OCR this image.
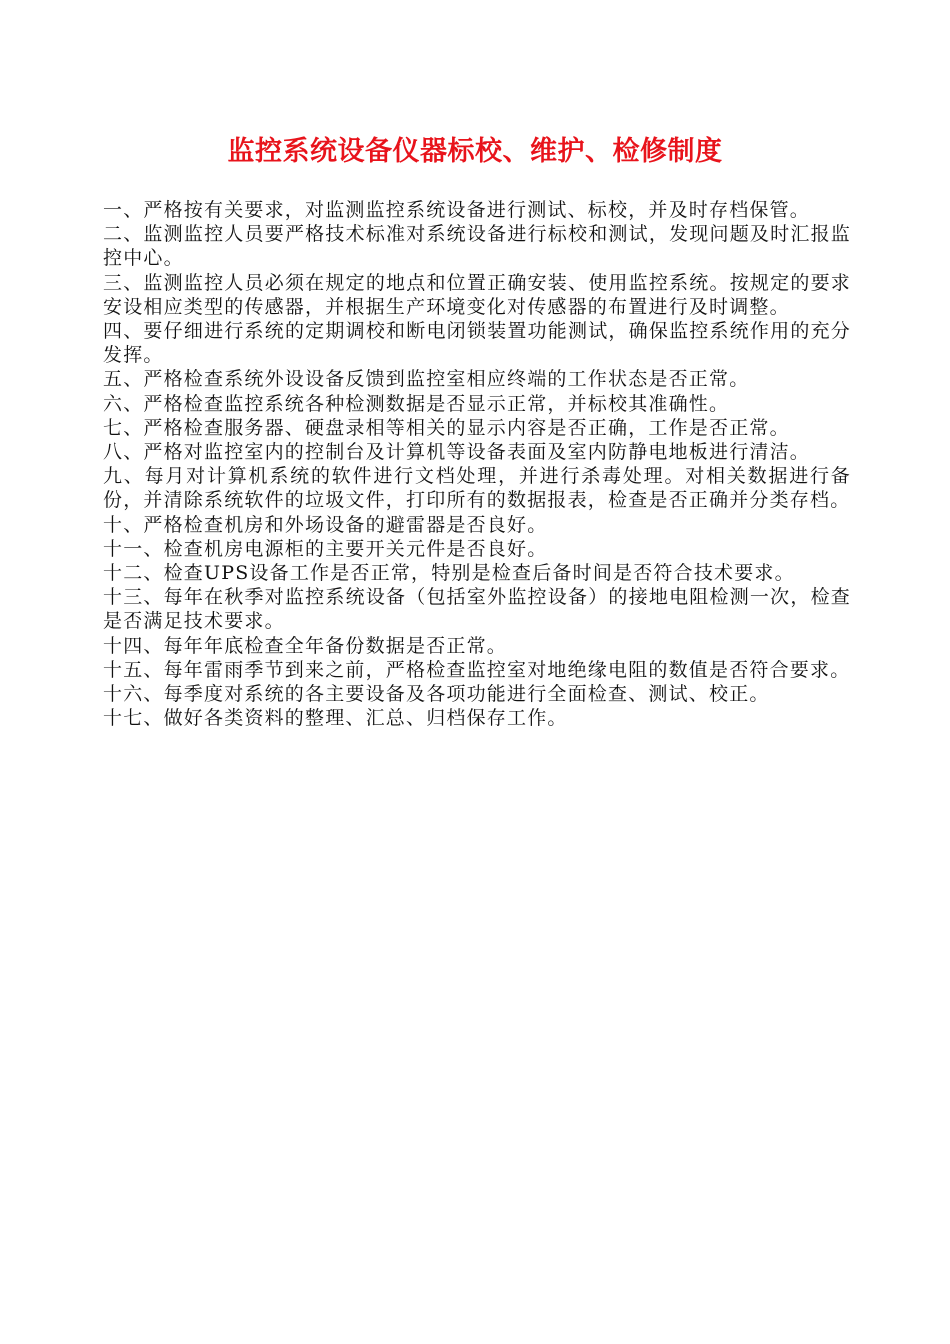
监控系统设备仪器标校、维护、检修制度
一、严格按有关要求，对监测监控系统设备进行测试、标校，并及时存档保管。
二、监测监控人员要严格技术标准对系统设备进行标校和测试，发现问题及时汇报监控中心。
三、监测监控人员必须在规定的地点和位置正确安装、使用监控系统。按规定的要求安设相应类型的传感器，并根据生产环境变化对传感器的布置进行及时调整。
四、要仔细进行系统的定期调校和断电闭锁装置功能测试，确保监控系统作用的充分发挥。
五、严格检查系统外设设备反馈到监控室相应终端的工作状态是否正常。
六、严格检查监控系统各种检测数据是否显示正常，并标校其准确性。
七、严格检查服务器、硬盘录相等相关的显示内容是否正确，工作是否正常。
八、严格对监控室内的控制台及计算机等设备表面及室内防静电地板进行清洁。
九、每月对计算机系统的软件进行文档处理，并进行杀毒处理。对相关数据进行备份，并清除系统软件的垃圾文件，打印所有的数据报表，检查是否正确并分类存档。
十、严格检查机房和外场设备的避雷器是否良好。
十一、检查机房电源柜的主要开关元件是否良好。
十二、检查UPS设备工作是否正常，特别是检查后备时间是否符合技术要求。
十三、每年在秋季对监控系统设备（包括室外监控设备）的接地电阻检测一次，检查是否满足技术要求。
十四、每年年底检查全年备份数据是否正常。
十五、每年雷雨季节到来之前，严格检查监控室对地绝缘电阻的数值是否符合要求。
十六、每季度对系统的各主要设备及各项功能进行全面检查、测试、校正。
十七、做好各类资料的整理、汇总、归档保存工作。
